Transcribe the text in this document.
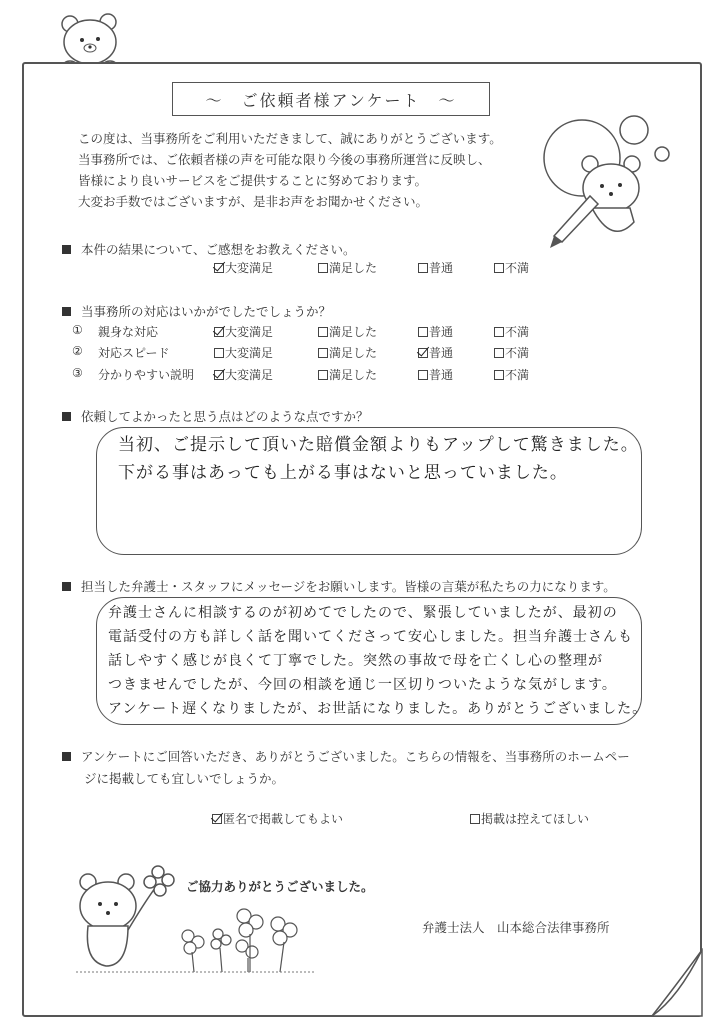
～　ご依頼者様アンケート　～
この度は、当事務所をご利用いただきまして、誠にありがとうございます。
当事務所では、ご依頼者様の声を可能な限り今後の事務所運営に反映し、
皆様により良いサービスをご提供することに努めております。
大変お手数ではございますが、是非お声をお聞かせください。
本件の結果について、ご感想をお教えください。
大変満足	満足した	普通	不満
当事務所の対応はいかがでしたでしょうか？
① 親身な対応	大変満足	満足した	普通	不満
② 対応スピード	大変満足	満足した	普通	不満
③ 分かりやすい説明	大変満足	満足した	普通	不満
依頼してよかったと思う点はどのような点ですか？
当初、ご提示して頂いた賠償金額よりもアップして驚きました。
下がる事はあっても上がる事はないと思っていました。
担当した弁護士・スタッフにメッセージをお願いします。皆様の言葉が私たちの力になります。
弁護士さんに相談するのが初めてでしたので、緊張していましたが、最初の
電話受付の方も詳しく話を聞いてくださって安心しました。担当弁護士さんも
話しやすく感じが良くて丁寧でした。突然の事故で母を亡くし心の整理が
つきませんでしたが、今回の相談を通じ一区切りついたような気がします。
アンケート遅くなりましたが、お世話になりました。ありがとうございました。
アンケートにご回答いただき、ありがとうございました。こちらの情報を、当事務所のホームペー
ジに掲載しても宜しいでしょうか。
匿名で掲載してもよい	掲載は控えてほしい
ご協力ありがとうございました。
弁護士法人　山本総合法律事務所
